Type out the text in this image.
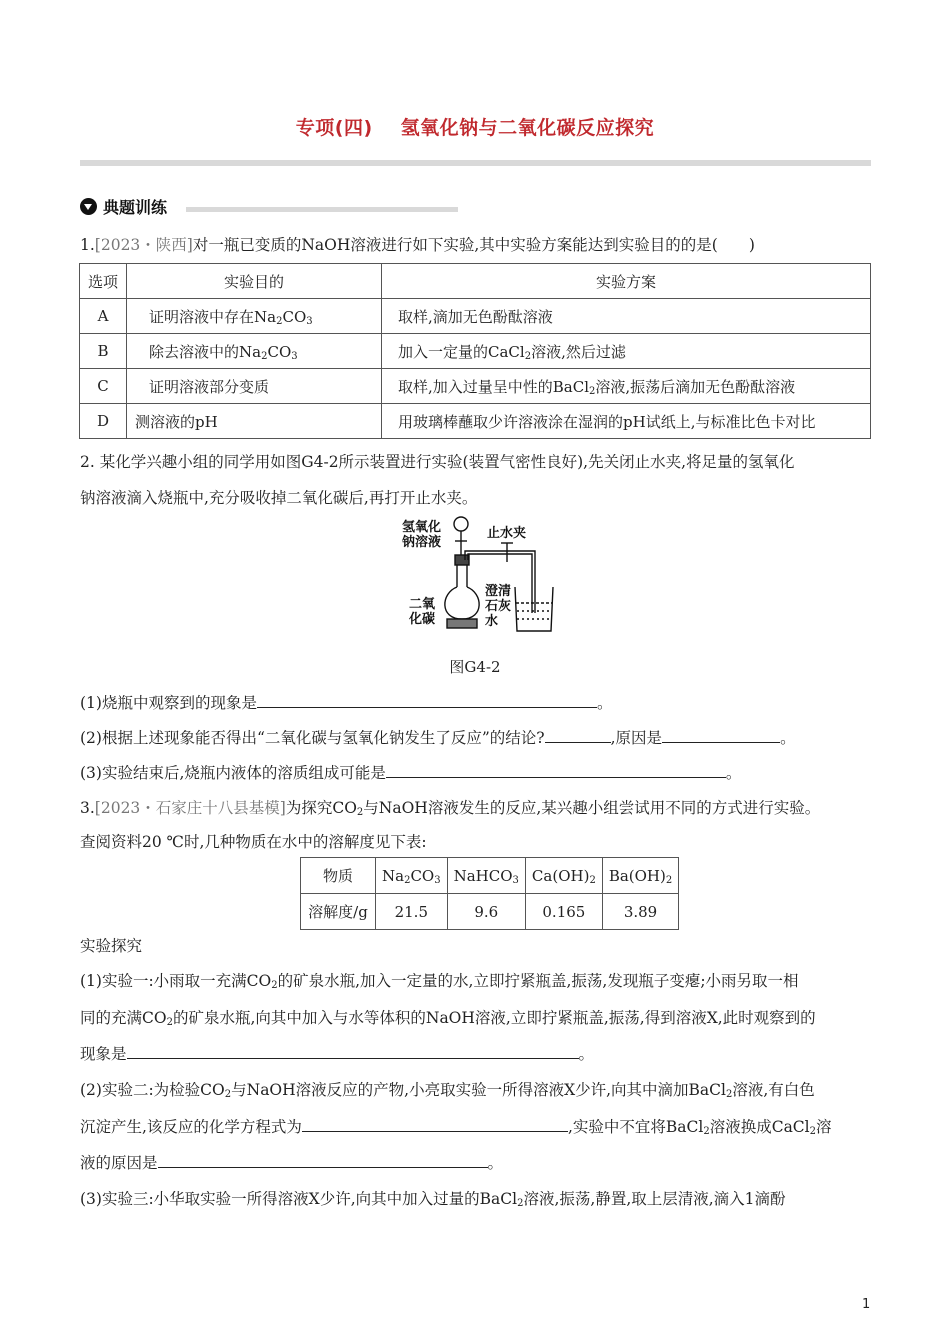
专项(四) 氢氧化钠与二氧化碳反应探究
典题训练
1.[2023・陕西]对一瓶已变质的NaOH溶液进行如下实验,其中实验方案能达到实验目的的是(　　)
选项	实验目的	实验方案
A	证明溶液中存在$Na_2CO_3$	取样,滴加无色酚酞溶液
B	除去溶液中的$Na_2CO_3$	加入一定量的CaCl$_2$溶液,然后过滤
C	证明溶液部分变质	取样,加入过量呈中性的BaCl$_2$溶液,振荡后滴加无色酚酞溶液
D	测溶液的pH	用玻璃棒蘸取少许溶液涂在湿润的pH试纸上,与标准比色卡对比
2. 某化学兴趣小组的同学用如图G4-2所示装置进行实验(装置气密性良好),先关闭止水夹,将足量的氢氧化
钠溶液滴入烧瓶中,充分吸收掉二氧化碳后,再打开止水夹。
氢氧化
钠溶液
止水夹
二氧
化碳
澄清
石灰
水
图G4-2
(1)烧瓶中观察到的现象是	。
(2)根据上述现象能否得出“二氧化碳与氢氧化钠发生了反应”的结论?	,原因是	。
(3)实验结束后,烧瓶内液体的溶质组成可能是	。
3.[2023・石家庄十八县基模]为探究$CO_2$与NaOH溶液发生的反应,某兴趣小组尝试用不同的方式进行实验。
查阅资料20 ℃时,几种物质在水中的溶解度见下表:
物质	$Na_2CO_3$	NaHCO$_3$	$Ca(OH)_2$	$Ba(OH)_2$
溶解度/g	21.5	9.6	0.165	3.89
实验探究
(1)实验一:小雨取一充满$CO_2$的矿泉水瓶,加入一定量的水,立即拧紧瓶盖,振荡,发现瓶子变瘪;小雨另取一相
同的充满$CO_2$的矿泉水瓶,向其中加入与水等体积的NaOH溶液,立即拧紧瓶盖,振荡,得到溶液X,此时观察到的
现象是	。
(2)实验二:为检验$CO_2$与NaOH溶液反应的产物,小亮取实验一所得溶液X少许,向其中滴加BaCl$_2$溶液,有白色
沉淀产生,该反应的化学方程式为	,实验中不宜将BaCl$_2$溶液换成CaCl$_2$溶
液的原因是	。
(3)实验三:小华取实验一所得溶液X少许,向其中加入过量的BaCl$_2$溶液,振荡,静置,取上层清液,滴入1滴酚
1
